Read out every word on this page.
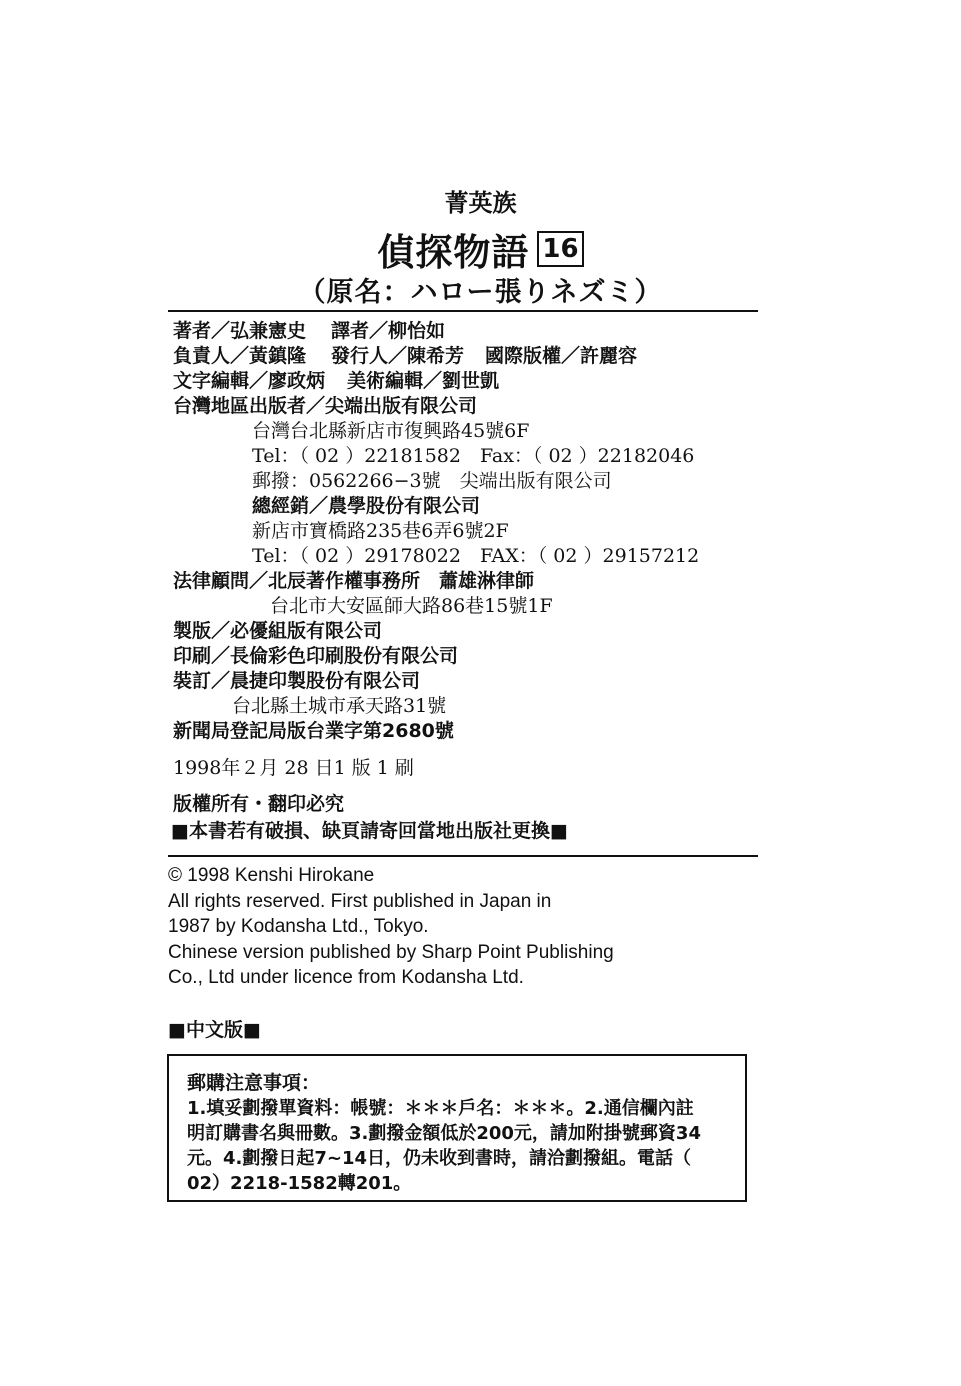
菁英族
偵探物語 16
（原名：ハロー張りネズミ）
著者／弘兼憲史 譯者／柳怡如
負責人／黃鎮隆 發行人／陳希芳 國際版權／許麗容
文字編輯／廖政炳 美術編輯／劉世凱
台灣地區出版者／尖端出版有限公司
台灣台北縣新店市復興路45號6F
Tel：（ 02 ）22181582　Fax：（ 02 ）22182046
郵撥：0562266−3號　尖端出版有限公司
總經銷／農學股份有限公司
新店市寶橋路235巷6弄6號2F
Tel：（ 02 ）29178022　FAX：（ 02 ）29157212
法律顧問／北辰著作權事務所　蕭雄淋律師
台北市大安區師大路86巷15號1F
製版／必優組版有限公司
印刷／長倫彩色印刷股份有限公司
裝訂／晨捷印製股份有限公司
台北縣土城市承天路31號
新聞局登記局版台業字第2680號
1998年２月 28 日1 版 1 刷
版權所有・翻印必究
■本書若有破損、缺頁請寄回當地出版社更換■
© 1998 Kenshi Hirokane
All rights reserved. First published in Japan in
1987 by Kodansha Ltd., Tokyo.
Chinese version published by Sharp Point Publishing
Co., Ltd under licence from Kodansha Ltd.
■中文版■
郵購注意事項：
1.填妥劃撥單資料：帳號：＊＊＊戶名：＊＊＊。2.通信欄內註
明訂購書名與冊數。3.劃撥金額低於200元，請加附掛號郵資34
元。4.劃撥日起7∼14日，仍未收到書時，請洽劃撥組。電話（
02）2218-1582轉201。
